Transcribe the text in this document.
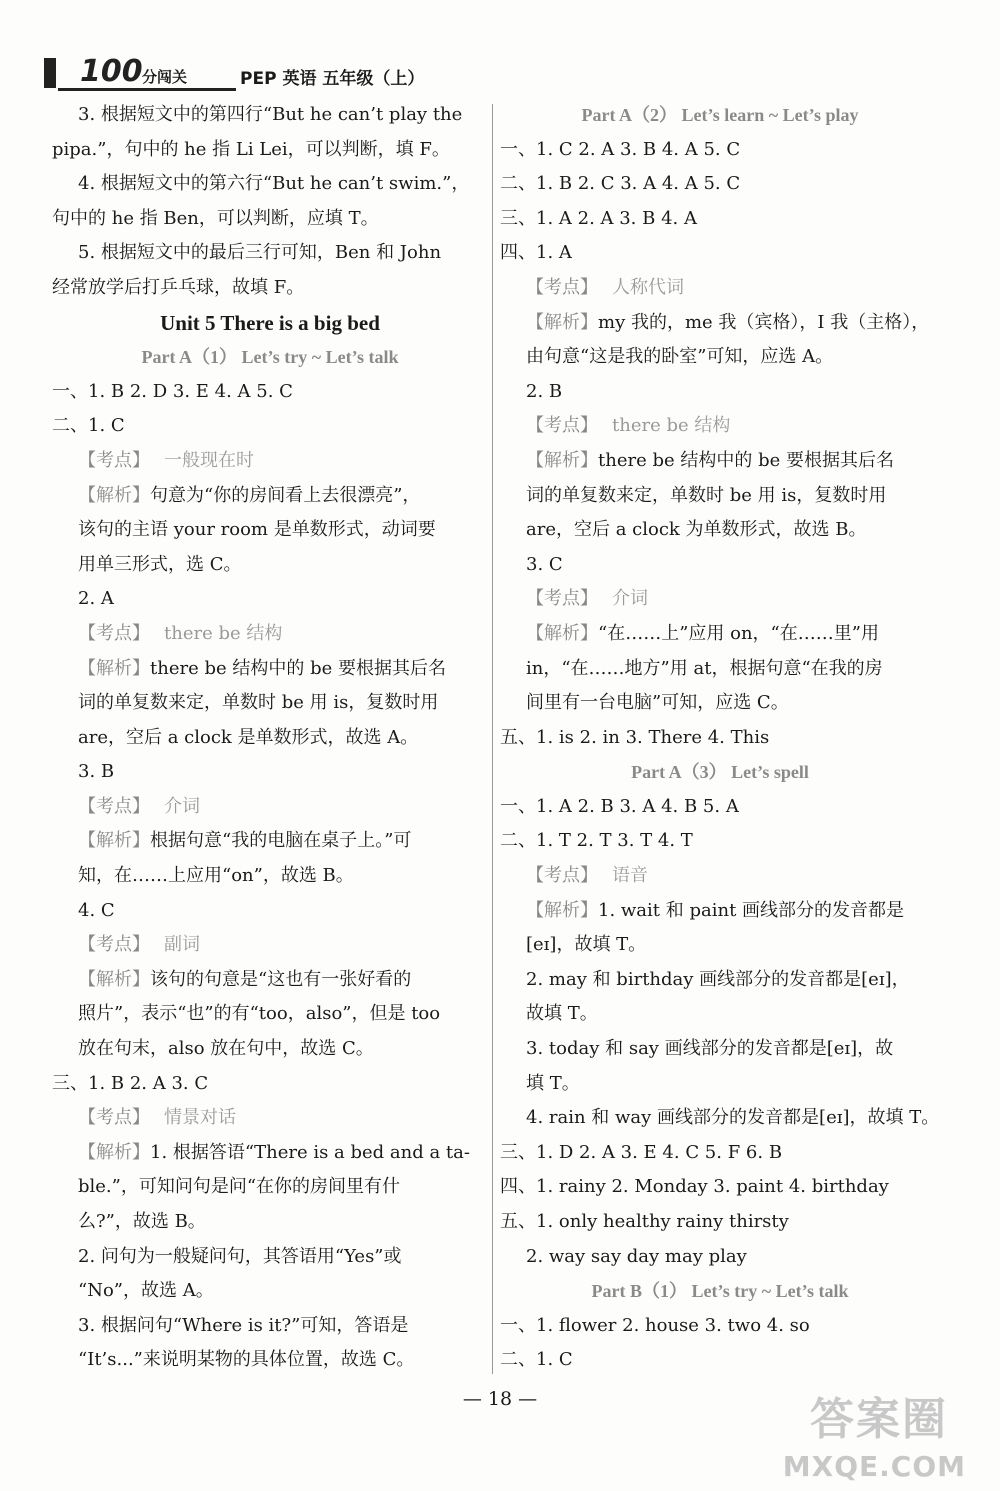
100 分闯关	PEP 英语 五年级（上）
3. 根据短文中的第四行“But he can’t play the
pipa.”，句中的 he 指 Li Lei，可以判断，填 F。
4. 根据短文中的第六行“But he can’t swim.”，
句中的 he 指 Ben，可以判断，应填 T。
5. 根据短文中的最后三行可知，Ben 和 John
经常放学后打乒乓球，故填 F。
Unit 5 There is a big bed
Part A（1） Let’s try ~ Let’s talk
一、1. B 2. D 3. E 4. A 5. C
二、1. C
【考点】 一般现在时
【解析】句意为“你的房间看上去很漂亮”，
该句的主语 your room 是单数形式，动词要
用单三形式，选 C。
2. A
【考点】 there be 结构
【解析】there be 结构中的 be 要根据其后名
词的单复数来定，单数时 be 用 is，复数时用
are，空后 a clock 是单数形式，故选 A。
3. B
【考点】 介词
【解析】根据句意“我的电脑在桌子上。”可
知，在……上应用“on”，故选 B。
4. C
【考点】 副词
【解析】该句的句意是“这也有一张好看的
照片”，表示“也”的有“too，also”，但是 too
放在句末，also 放在句中，故选 C。
三、1. B 2. A 3. C
【考点】 情景对话
【解析】1. 根据答语“There is a bed and a ta-
ble.”，可知问句是问“在你的房间里有什
么?”，故选 B。
2. 问句为一般疑问句，其答语用“Yes”或
“No”，故选 A。
3. 根据问句“Where is it?”可知，答语是
“It’s...”来说明某物的具体位置，故选 C。
Part A（2） Let’s learn ~ Let’s play
一、1. C 2. A 3. B 4. A 5. C
二、1. B 2. C 3. A 4. A 5. C
三、1. A 2. A 3. B 4. A
四、1. A
【考点】 人称代词
【解析】my 我的，me 我（宾格），I 我（主格），
由句意“这是我的卧室”可知，应选 A。
2. B
【考点】 there be 结构
【解析】there be 结构中的 be 要根据其后名
词的单复数来定，单数时 be 用 is，复数时用
are，空后 a clock 为单数形式，故选 B。
3. C
【考点】 介词
【解析】“在……上”应用 on，“在……里”用
in，“在……地方”用 at，根据句意“在我的房
间里有一台电脑”可知，应选 C。
五、1. is 2. in 3. There 4. This
Part A（3） Let’s spell
一、1. A 2. B 3. A 4. B 5. A
二、1. T 2. T 3. T 4. T
【考点】 语音
【解析】1. wait 和 paint 画线部分的发音都是
[eɪ]，故填 T。
2. may 和 birthday 画线部分的发音都是[eɪ]，
故填 T。
3. today 和 say 画线部分的发音都是[eɪ]，故
填 T。
4. rain 和 way 画线部分的发音都是[eɪ]，故填 T。
三、1. D 2. A 3. E 4. C 5. F 6. B
四、1. rainy 2. Monday 3. paint 4. birthday
五、1. only healthy rainy thirsty
2. way say day may play
Part B（1） Let’s try ~ Let’s talk
一、1. flower 2. house 3. two 4. so
二、1. C
— 18 —	答案圈
MXQE.COM
